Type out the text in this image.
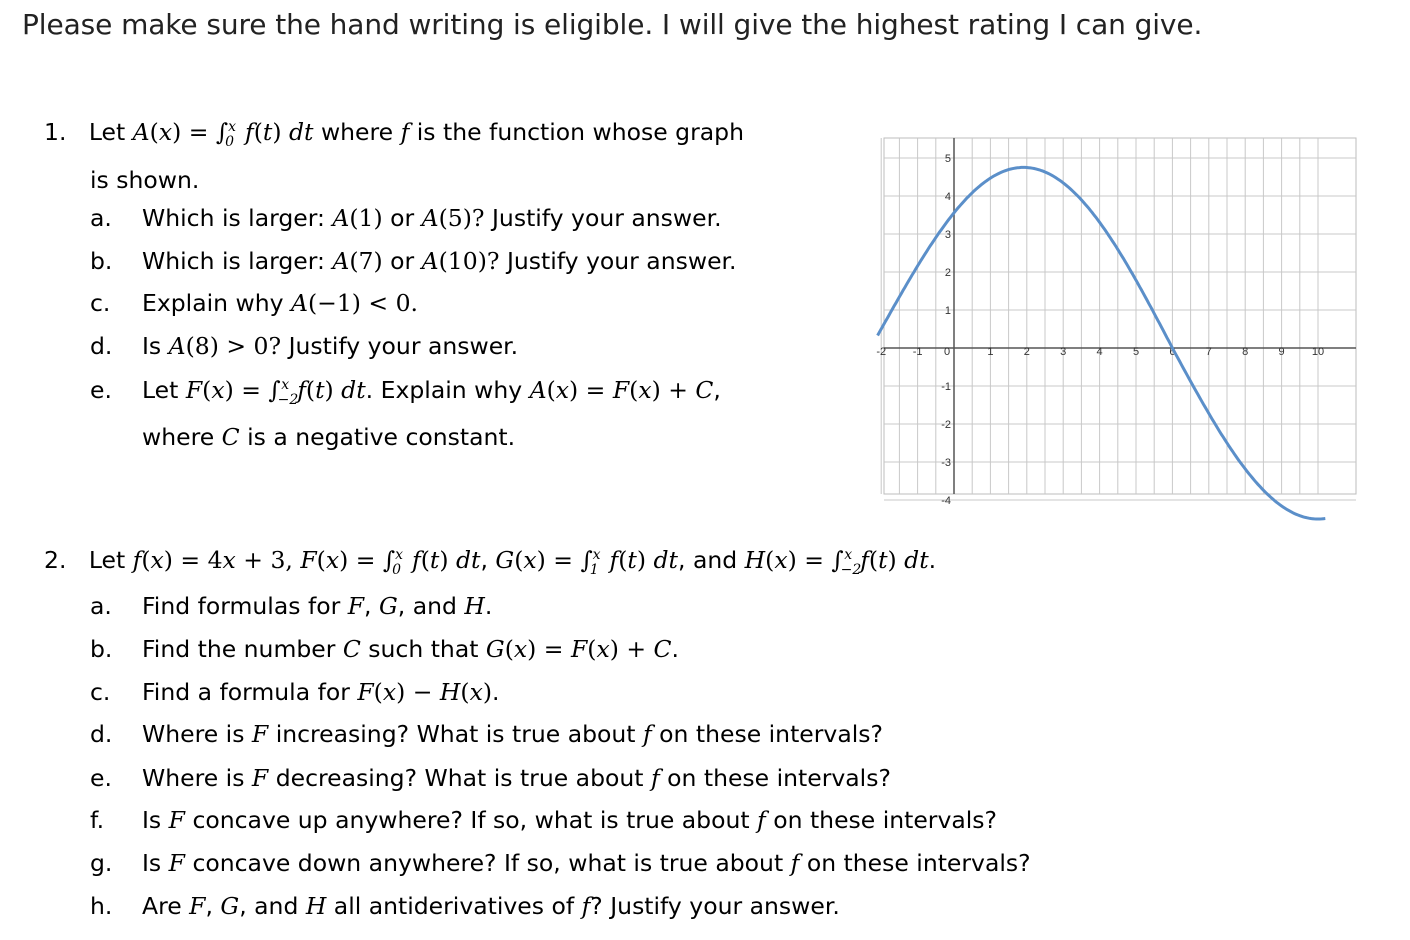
Please make sure the hand writing is eligible. I will give the highest rating I can give.
1. Let $A(x) = \int_0^x$ f(t) dt where f is the function whose graph
is shown.
a. Which is larger: A(1) or A(5)? Justify your answer.
b. Which is larger: A(7) or A(10)? Justify your answer.
c. Explain why A(−1) < 0.
d. Is A(8) > 0? Justify your answer.
e. Let $F(x) = \int_{-2}^x$ f(t) dt. Explain why A(x) = F(x) + C,
where C is a negative constant.
-2 -1 0	1	2	3	4	5	6	7	8	9 10
5
4
3
2
1
-1
-2
-3
-4
2.   Let f(x) = 4x + 3, $F(x) = \int_0^x$ f(t) dt, $G(x) = \int_1^x$ f(t) dt, and $H(x) = \int_{-2}^x$ f(t) dt.
a. Find formulas for F, G, and H.
b. Find the number C such that G(x) = F(x) + C.
c. Find a formula for F(x) − H(x).
d. Where is F increasing? What is true about f on these intervals?
e. Where is F decreasing? What is true about f on these intervals?
f. Is F concave up anywhere? If so, what is true about f on these intervals?
g. Is F concave down anywhere? If so, what is true about f on these intervals?
h. Are F, G, and H all antiderivatives of f? Justify your answer.
